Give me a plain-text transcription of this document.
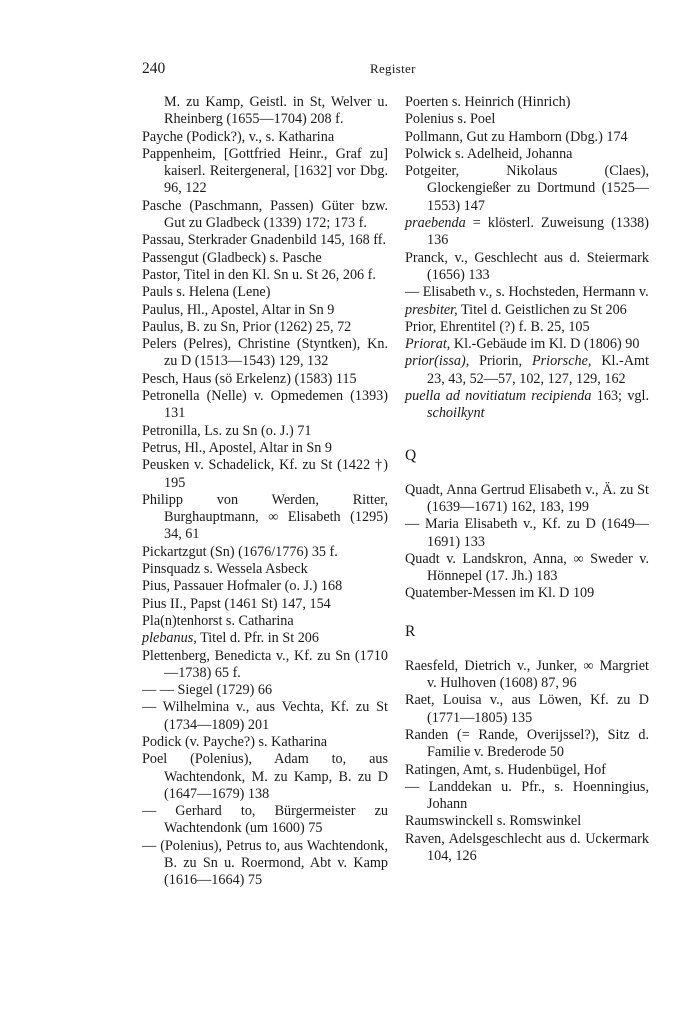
240	Register

M. zu Kamp, Geistl. in St, Welver u. Rheinberg (1655—1704) 208 f.

Payche (Podick?), v., s. Katharina

Pappenheim, [Gottfried Heinr., Graf zu] kaiserl. Reitergeneral, [1632] vor Dbg. 96, 122

Pasche (Paschmann, Passen) Güter bzw. Gut zu Gladbeck (1339) 172; 173 f.

Passau, Sterkrader Gnadenbild 145, 168 ff.

Passengut (Gladbeck) s. Pasche

Pastor, Titel in den Kl. Sn u. St 26, 206 f.

Pauls s. Helena (Lene)

Paulus, Hl., Apostel, Altar in Sn 9

Paulus, B. zu Sn, Prior (1262) 25, 72

Pelers (Pelres), Christine (Styntken), Kn. zu D (1513—1543) 129, 132

Pesch, Haus (sö Erkelenz) (1583) 115

Petronella (Nelle) v. Opmedemen (1393) 131

Petronilla, Ls. zu Sn (o. J.) 71

Petrus, Hl., Apostel, Altar in Sn 9

Peusken v. Schadelick, Kf. zu St (1422 †) 195

Philipp von Werden, Ritter, Burghauptmann, ∞ Elisabeth (1295) 34, 61

Pickartzgut (Sn) (1676/1776) 35 f.

Pinsquadz s. Wessela Asbeck

Pius, Passauer Hofmaler (o. J.) 168

Pius II., Papst (1461 St) 147, 154

Pla(n)tenhorst s. Catharina

plebanus, Titel d. Pfr. in St 206

Plettenberg, Benedicta v., Kf. zu Sn (1710—1738) 65 f.

— — Siegel (1729) 66

— Wilhelmina v., aus Vechta, Kf. zu St (1734—1809) 201

Podick (v. Payche?) s. Katharina

Poel (Polenius), Adam to, aus Wachtendonk, M. zu Kamp, B. zu D (1647—1679) 138

— Gerhard to, Bürgermeister zu Wachtendonk (um 1600) 75

— (Polenius), Petrus to, aus Wachtendonk, B. zu Sn u. Roermond, Abt v. Kamp (1616—1664) 75

Poerten s. Heinrich (Hinrich)

Polenius s. Poel

Pollmann, Gut zu Hamborn (Dbg.) 174

Polwick s. Adelheid, Johanna

Potgeiter, Nikolaus (Claes), Glockengießer zu Dortmund (1525—1553) 147

praebenda = klösterl. Zuweisung (1338) 136

Pranck, v., Geschlecht aus d. Steiermark (1656) 133

— Elisabeth v., s. Hochsteden, Hermann v.

presbiter, Titel d. Geistlichen zu St 206

Prior, Ehrentitel (?) f. B. 25, 105

Priorat, Kl.-Gebäude im Kl. D (1806) 90

prior(issa), Priorin, Priorsche, Kl.-Amt 23, 43, 52—57, 102, 127, 129, 162

puella ad novitiatum recipienda 163; vgl. schoilkynt

Q

Quadt, Anna Gertrud Elisabeth v., Ä. zu St (1639—1671) 162, 183, 199

— Maria Elisabeth v., Kf. zu D (1649—1691) 133

Quadt v. Landskron, Anna, ∞ Sweder v. Hönnepel (17. Jh.) 183

Quatember-Messen im Kl. D 109

R

Raesfeld, Dietrich v., Junker, ∞ Margriet v. Hulhoven (1608) 87, 96

Raet, Louisa v., aus Löwen, Kf. zu D (1771—1805) 135

Randen (= Rande, Overijssel?), Sitz d. Familie v. Brederode 50

Ratingen, Amt, s. Hudenbügel, Hof

— Landdekan u. Pfr., s. Hoenningius, Johann

Raumswinckell s. Romswinkel

Raven, Adelsgeschlecht aus d. Uckermark 104, 126
